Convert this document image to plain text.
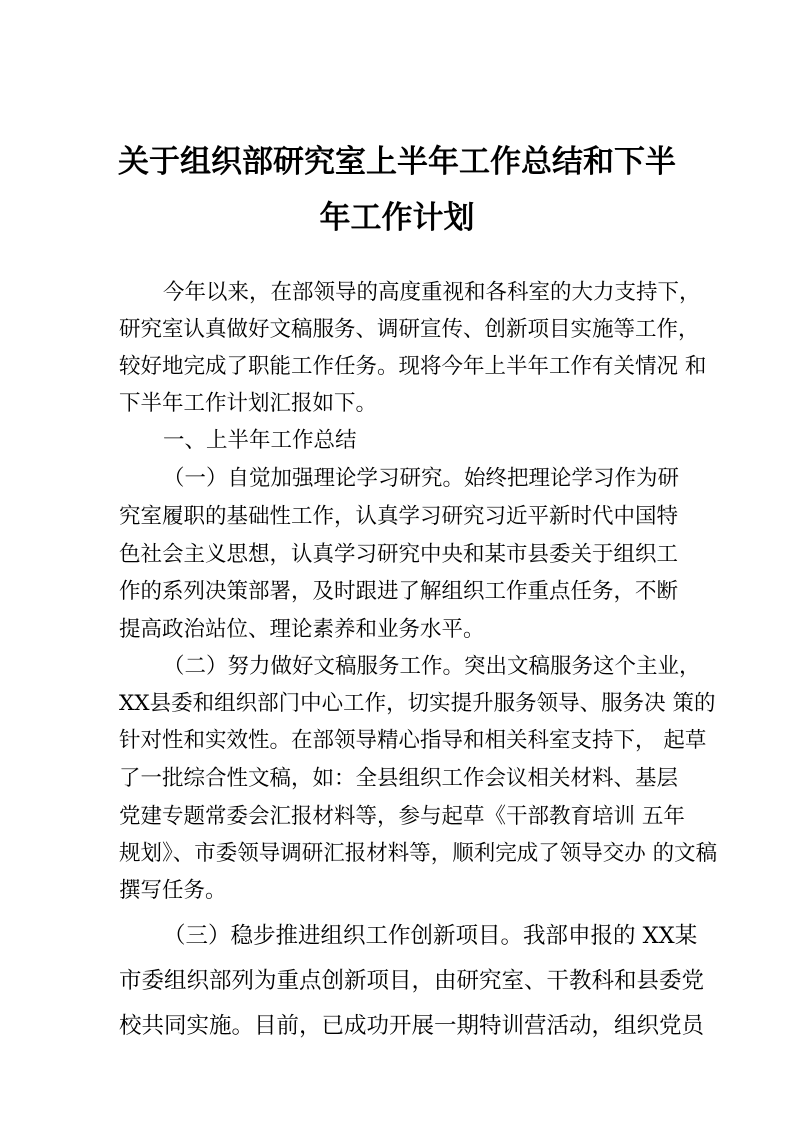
关于组织部研究室上半年工作总结和下半
年工作计划
今年以来，在部领导的高度重视和各科室的大力支持下，
研究室认真做好文稿服务、调研宣传、创新项目实施等工作，
较好地完成了职能工作任务。现将今年上半年工作有关情况 和
下半年工作计划汇报如下。
一、上半年工作总结
（一）自觉加强理论学习研究。始终把理论学习作为研
究室履职的基础性工作，认真学习研究习近平新时代中国特
色社会主义思想，认真学习研究中央和某市县委关于组织工
作的系列决策部署，及时跟进了解组织工作重点任务，不断
提高政治站位、理论素养和业务水平。
（二）努力做好文稿服务工作。突出文稿服务这个主业，
XX县委和组织部门中心工作，切实提升服务领导、服务决 策的
针对性和实效性。在部领导精心指导和相关科室支持下， 起草
了一批综合性文稿，如：全县组织工作会议相关材料、基层
党建专题常委会汇报材料等，参与起草《干部教育培训 五年
规划》、市委领导调研汇报材料等，顺利完成了领导交办 的文稿
撰写任务。
（三）稳步推进组织工作创新项目。我部申报的 XX某
市委组织部列为重点创新项目，由研究室、干教科和县委党
校共同实施。目前，已成功开展一期特训营活动，组织党员
